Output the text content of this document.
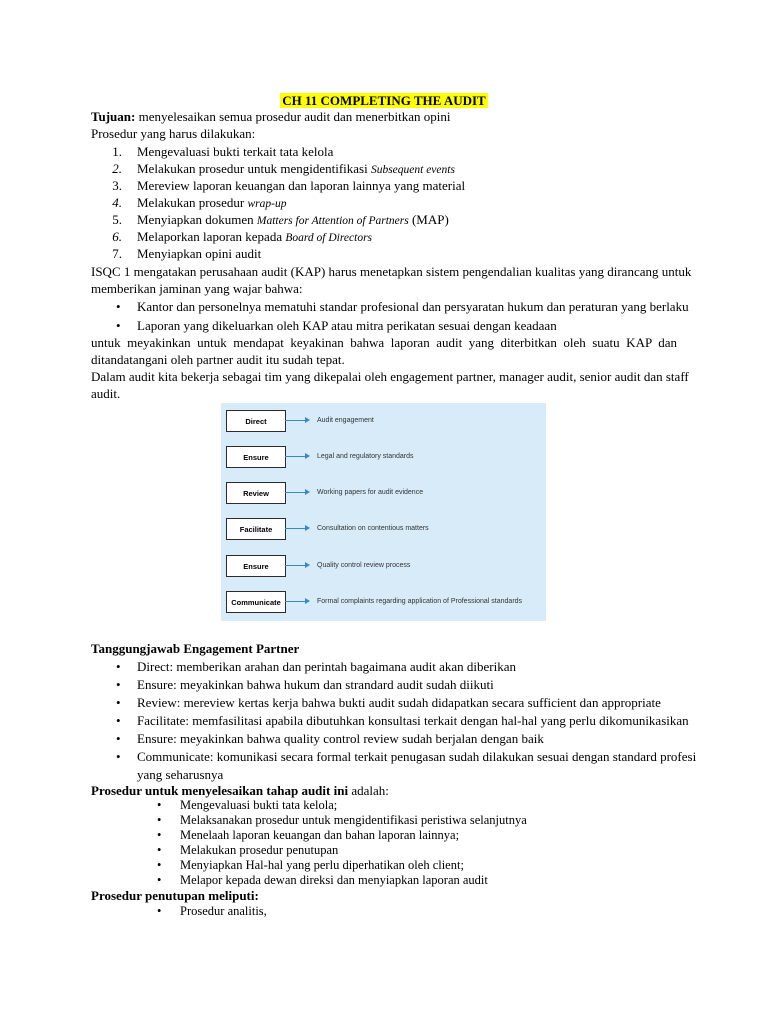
CH 11 COMPLETING THE AUDIT
Tujuan: menyelesaikan semua prosedur audit dan menerbitkan opini
Prosedur yang harus dilakukan:
1. Mengevaluasi bukti terkait tata kelola
2. Melakukan prosedur untuk mengidentifikasi Subsequent events
3. Mereview laporan keuangan dan laporan lainnya yang material
4. Melakukan prosedur wrap-up
5. Menyiapkan dokumen Matters for Attention of Partners (MAP)
6. Melaporkan laporan kepada Board of Directors
7. Menyiapkan opini audit
ISQC 1 mengatakan perusahaan audit (KAP) harus menetapkan sistem pengendalian kualitas yang dirancang untuk
memberikan jaminan yang wajar bahwa:
• Kantor dan personelnya mematuhi standar profesional dan persyaratan hukum dan peraturan yang berlaku
• Laporan yang dikeluarkan oleh KAP atau mitra perikatan sesuai dengan keadaan
untuk meyakinkan untuk mendapat keyakinan bahwa laporan audit yang diterbitkan oleh suatu KAP dan
ditandatangani oleh partner audit itu sudah tepat.
Dalam audit kita bekerja sebagai tim yang dikepalai oleh engagement partner, manager audit, senior audit dan staff
audit.
Direct	Audit engagement
Ensure	Legal and regulatory standards
Review	Working papers for audit evidence
Facilitate	Consultation on contentious matters
Ensure	Quality control review process
Communicate	Formal complaints regarding application of Professional standards
Tanggungjawab Engagement Partner
• Direct: memberikan arahan dan perintah bagaimana audit akan diberikan
• Ensure: meyakinkan bahwa hukum dan strandard audit sudah diikuti
• Review: mereview kertas kerja bahwa bukti audit sudah didapatkan secara sufficient dan appropriate
• Facilitate: memfasilitasi apabila dibutuhkan konsultasi terkait dengan hal-hal yang perlu dikomunikasikan
• Ensure: meyakinkan bahwa quality control review sudah berjalan dengan baik
• Communicate: komunikasi secara formal terkait penugasan sudah dilakukan sesuai dengan standard profesi
yang seharusnya
Prosedur untuk menyelesaikan tahap audit ini adalah:
• Mengevaluasi bukti tata kelola;
• Melaksanakan prosedur untuk mengidentifikasi peristiwa selanjutnya
• Menelaah laporan keuangan dan bahan laporan lainnya;
• Melakukan prosedur penutupan
• Menyiapkan Hal-hal yang perlu diperhatikan oleh client;
• Melapor kepada dewan direksi dan menyiapkan laporan audit
Prosedur penutupan meliputi:
• Prosedur analitis,
